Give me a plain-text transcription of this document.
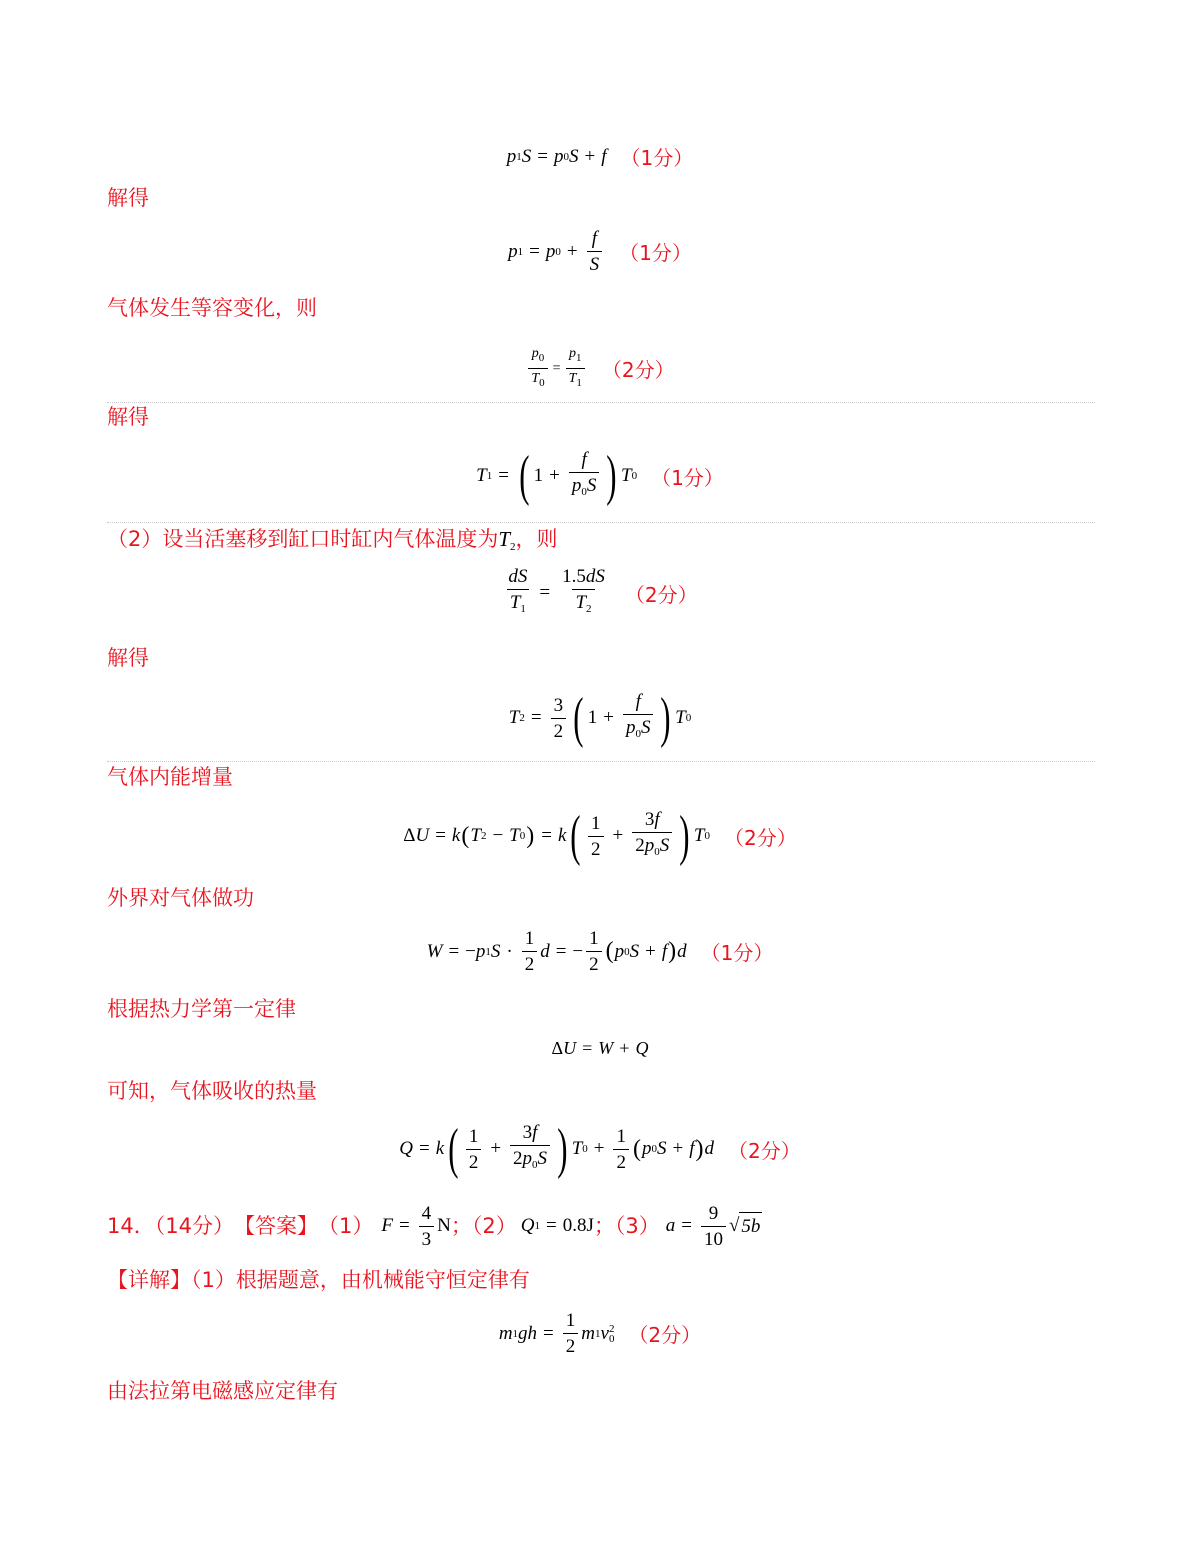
p 1 S = p 0 S + f （1分）
解得
p 1 = p $0 + \frac{f}{S} (1$分）
气体发生等容变化，则
$\frac{p_0}{T_0} = \frac{p_1}{T_1} (2$分）
解得
T 1 = ( $1 + \frac{f}{p_0S}$ ) T 0 （1分）
（2）设当活塞移到缸口时缸内气体温度为$T_2$，则
$\frac{dS}{T_1} = \frac{1.5dS}{T_2} (2$分）
解得
T $2 = \frac{3}{2}$ ( $1 + \frac{f}{p_0S}$ ) T 0
气体内能增量
Δ U = k ( T 2 − T 0 ) = k ( $\frac{1}{2} + \frac{3f}{2p_0S}$ ) T 0 （2分）
外界对气体做功
W = − p 1 $S \cdot \frac{1}{2}$ d = − $\frac{1}{2}$ ( p 0 S + f ) d （1分）
根据热力学第一定律
Δ U = W + Q
可知，气体吸收的热量
Q = k ( $\frac{1}{2} + \frac{3f}{2p_0S}$ ) T $0 + \frac{1}{2}$ ( p 0 S + f ) d （2分）
14．（14分） 【答案】 （1） $F = \frac{4}{3}$ N ；（2） Q 1 = 0.8J ；（3） $a = \frac{9}{10}$ √ 5b
【详解】（1）根据题意，由机械能守恒定律有
m 1 gh = $\frac{1}{2}$ m 1 v 2
0 （2分）
由法拉第电磁感应定律有
